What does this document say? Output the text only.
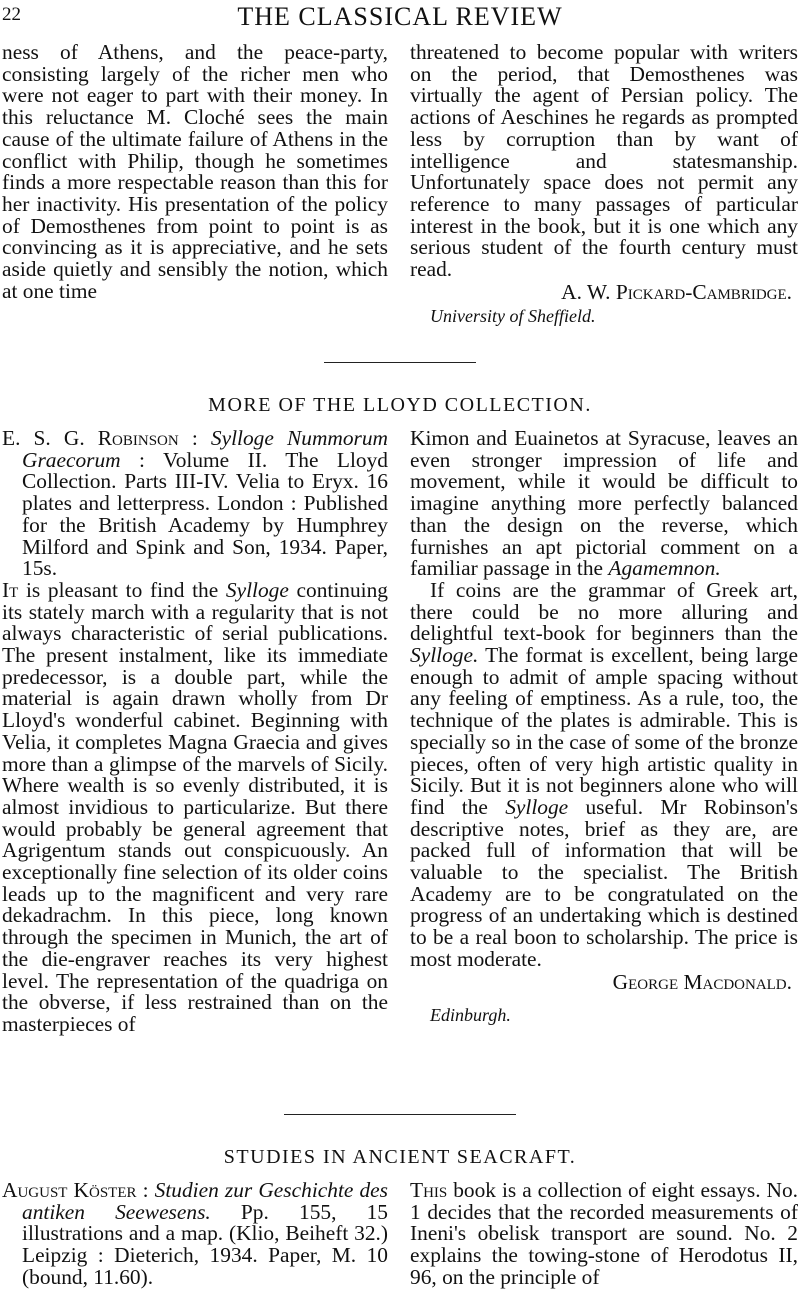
22	THE CLASSICAL REVIEW

ness of Athens, and the peace-party, consisting largely of the richer men who were not eager to part with their money. In this reluctance M. Cloché sees the main cause of the ultimate failure of Athens in the conflict with Philip, though he sometimes finds a more respectable reason than this for her inactivity. His presentation of the policy of Demosthenes from point to point is as convincing as it is appreciative, and he sets aside quietly and sensibly the notion, which at one time

threatened to become popular with writers on the period, that Demosthenes was virtually the agent of Persian policy. The actions of Aeschines he regards as prompted less by corruption than by want of intelligence and statesmanship. Unfortunately space does not permit any reference to many passages of particular interest in the book, but it is one which any serious student of the fourth century must read.

A. W. Pickard-Cambridge.
University of Sheffield.
MORE OF THE LLOYD COLLECTION.

E. S. G. Robinson : Sylloge Nummorum Graecorum : Volume II. The Lloyd Collection. Parts III-IV. Velia to Eryx. 16 plates and letterpress. London : Published for the British Academy by Humphrey Milford and Spink and Son, 1934. Paper, 15s.

It is pleasant to find the Sylloge continuing its stately march with a regularity that is not always characteristic of serial publications. The present instalment, like its immediate predecessor, is a double part, while the material is again drawn wholly from Dr Lloyd's wonderful cabinet. Beginning with Velia, it completes Magna Graecia and gives more than a glimpse of the marvels of Sicily. Where wealth is so evenly distributed, it is almost invidious to particularize. But there would probably be general agreement that Agrigentum stands out conspicuously. An exceptionally fine selection of its older coins leads up to the magnificent and very rare dekadrachm. In this piece, long known through the specimen in Munich, the art of the die-engraver reaches its very highest level. The representation of the quadriga on the obverse, if less restrained than on the masterpieces of

Kimon and Euainetos at Syracuse, leaves an even stronger impression of life and movement, while it would be difficult to imagine anything more perfectly balanced than the design on the reverse, which furnishes an apt pictorial comment on a familiar passage in the Agamemnon.

If coins are the grammar of Greek art, there could be no more alluring and delightful text-book for beginners than the Sylloge. The format is excellent, being large enough to admit of ample spacing without any feeling of emptiness. As a rule, too, the technique of the plates is admirable. This is specially so in the case of some of the bronze pieces, often of very high artistic quality in Sicily. But it is not beginners alone who will find the Sylloge useful. Mr Robinson's descriptive notes, brief as they are, are packed full of information that will be valuable to the specialist. The British Academy are to be congratulated on the progress of an undertaking which is destined to be a real boon to scholarship. The price is most moderate.

George Macdonald.
Edinburgh.
STUDIES IN ANCIENT SEACRAFT.

August Köster : Studien zur Geschichte des antiken Seewesens. Pp. 155, 15 illustrations and a map. (Klio, Beiheft 32.) Leipzig : Dieterich, 1934. Paper, M. 10 (bound, 11.60).

This book is a collection of eight essays. No. 1 decides that the recorded measurements of Ineni's obelisk transport are sound. No. 2 explains the towing-stone of Herodotus II, 96, on the principle of
